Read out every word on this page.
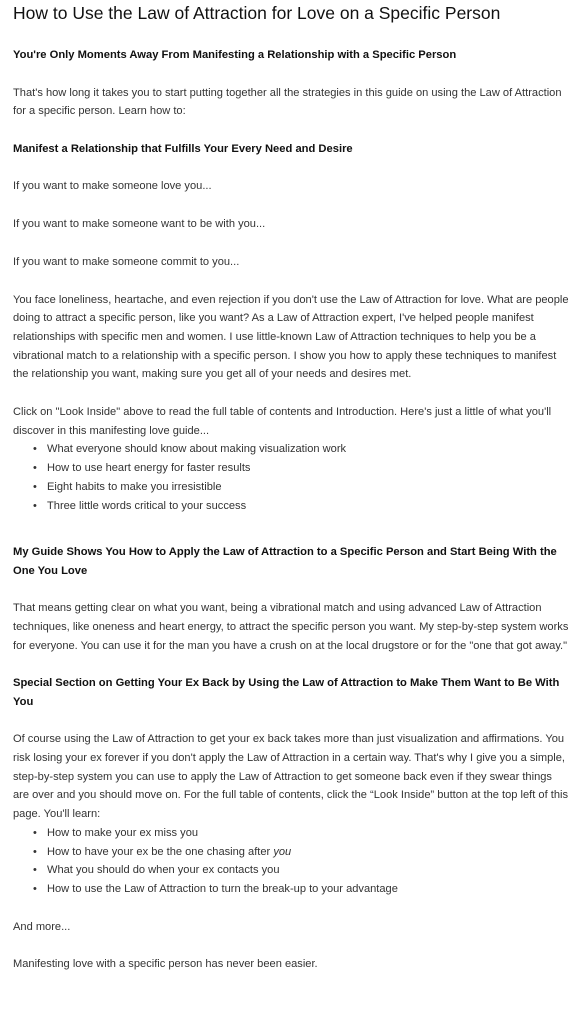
How to Use the Law of Attraction for Love on a Specific Person
You're Only Moments Away From Manifesting a Relationship with a Specific Person

That's how long it takes you to start putting together all the strategies in this guide on using the Law of Attraction for a specific person. Learn how to:

Manifest a Relationship that Fulfills Your Every Need and Desire

If you want to make someone love you...

If you want to make someone want to be with you...

If you want to make someone commit to you...

You face loneliness, heartache, and even rejection if you don't use the Law of Attraction for love. What are people doing to attract a specific person, like you want? As a Law of Attraction expert, I've helped people manifest relationships with specific men and women. I use little-known Law of Attraction techniques to help you be a vibrational match to a relationship with a specific person. I show you how to apply these techniques to manifest the relationship you want, making sure you get all of your needs and desires met.

Click on "Look Inside" above to read the full table of contents and Introduction. Here's just a little of what you'll discover in this manifesting love guide...

• What everyone should know about making visualization work
• How to use heart energy for faster results
• Eight habits to make you irresistible
• Three little words critical to your success
My Guide Shows You How to Apply the Law of Attraction to a Specific Person and Start Being With the One You Love

That means getting clear on what you want, being a vibrational match and using advanced Law of Attraction techniques, like oneness and heart energy, to attract the specific person you want. My step-by-step system works for everyone. You can use it for the man you have a crush on at the local drugstore or for the "one that got away."

Special Section on Getting Your Ex Back by Using the Law of Attraction to Make Them Want to Be With You

Of course using the Law of Attraction to get your ex back takes more than just visualization and affirmations. You risk losing your ex forever if you don't apply the Law of Attraction in a certain way. That's why I give you a simple, step-by-step system you can use to apply the Law of Attraction to get someone back even if they swear things are over and you should move on. For the full table of contents, click the “Look Inside” button at the top left of this page. You'll learn:

• How to make your ex miss you
• How to have your ex be the one chasing after you
• What you should do when your ex contacts you
• How to use the Law of Attraction to turn the break-up to your advantage

And more...

Manifesting love with a specific person has never been easier.
